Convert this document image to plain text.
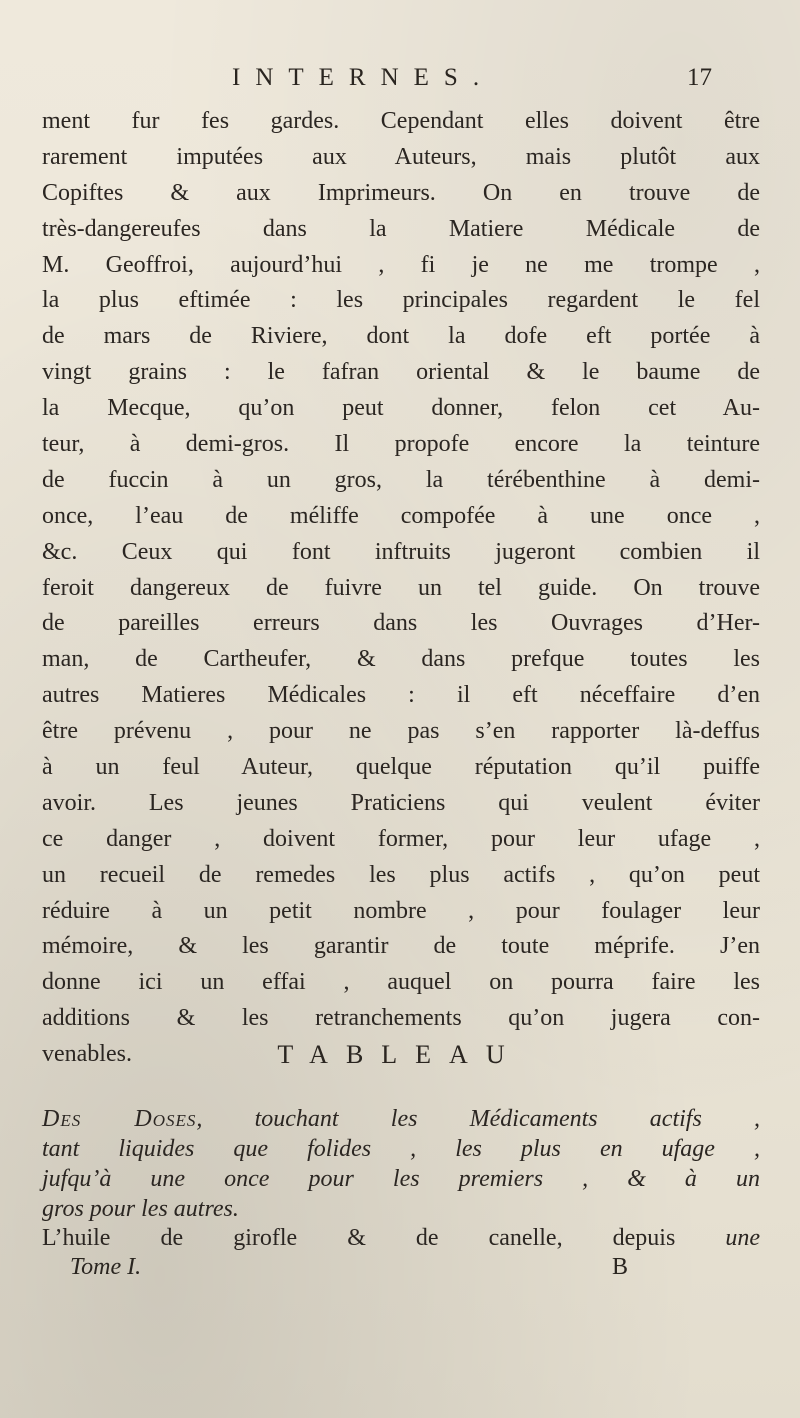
INTERNES.	17
ment fur fes gardes. Cependant elles doivent être
rarement imputées aux Auteurs, mais plutôt aux
Copiftes & aux Imprimeurs. On en trouve de
très-dangereufes dans la Matiere Médicale de
M. Geoffroi, aujourd’hui , fi je ne me trompe ,
la plus eftimée : les principales regardent le fel
de mars de Riviere, dont la dofe eft portée à
vingt grains : le fafran oriental & le baume de
la Mecque, qu’on peut donner, felon cet Au-
teur, à demi-gros. Il propofe encore la teinture
de fuccin à un gros, la térébenthine à demi-
once, l’eau de méliffe compofée à une once ,
&c. Ceux qui font inftruits jugeront combien il
feroit dangereux de fuivre un tel guide. On trouve
de pareilles erreurs dans les Ouvrages d’Her-
man, de Cartheufer, & dans prefque toutes les
autres Matieres Médicales : il eft néceffaire d’en
être prévenu , pour ne pas s’en rapporter là-deffus
à un feul Auteur, quelque réputation qu’il puiffe
avoir. Les jeunes Praticiens qui veulent éviter
ce danger , doivent former, pour leur ufage ,
un recueil de remedes les plus actifs , qu’on peut
réduire à un petit nombre , pour foulager leur
mémoire, & les garantir de toute méprife. J’en
donne ici un effai , auquel on pourra faire les
additions & les retranchements qu’on jugera con-
venables.	TABLEAU
Des Doses, touchant les Médicaments actifs ,
tant liquides que folides , les plus en ufage ,
jufqu’à une once pour les premiers , & à un
gros pour les autres.
L’huile de girofle & de canelle, depuis une
Tome I.	B
